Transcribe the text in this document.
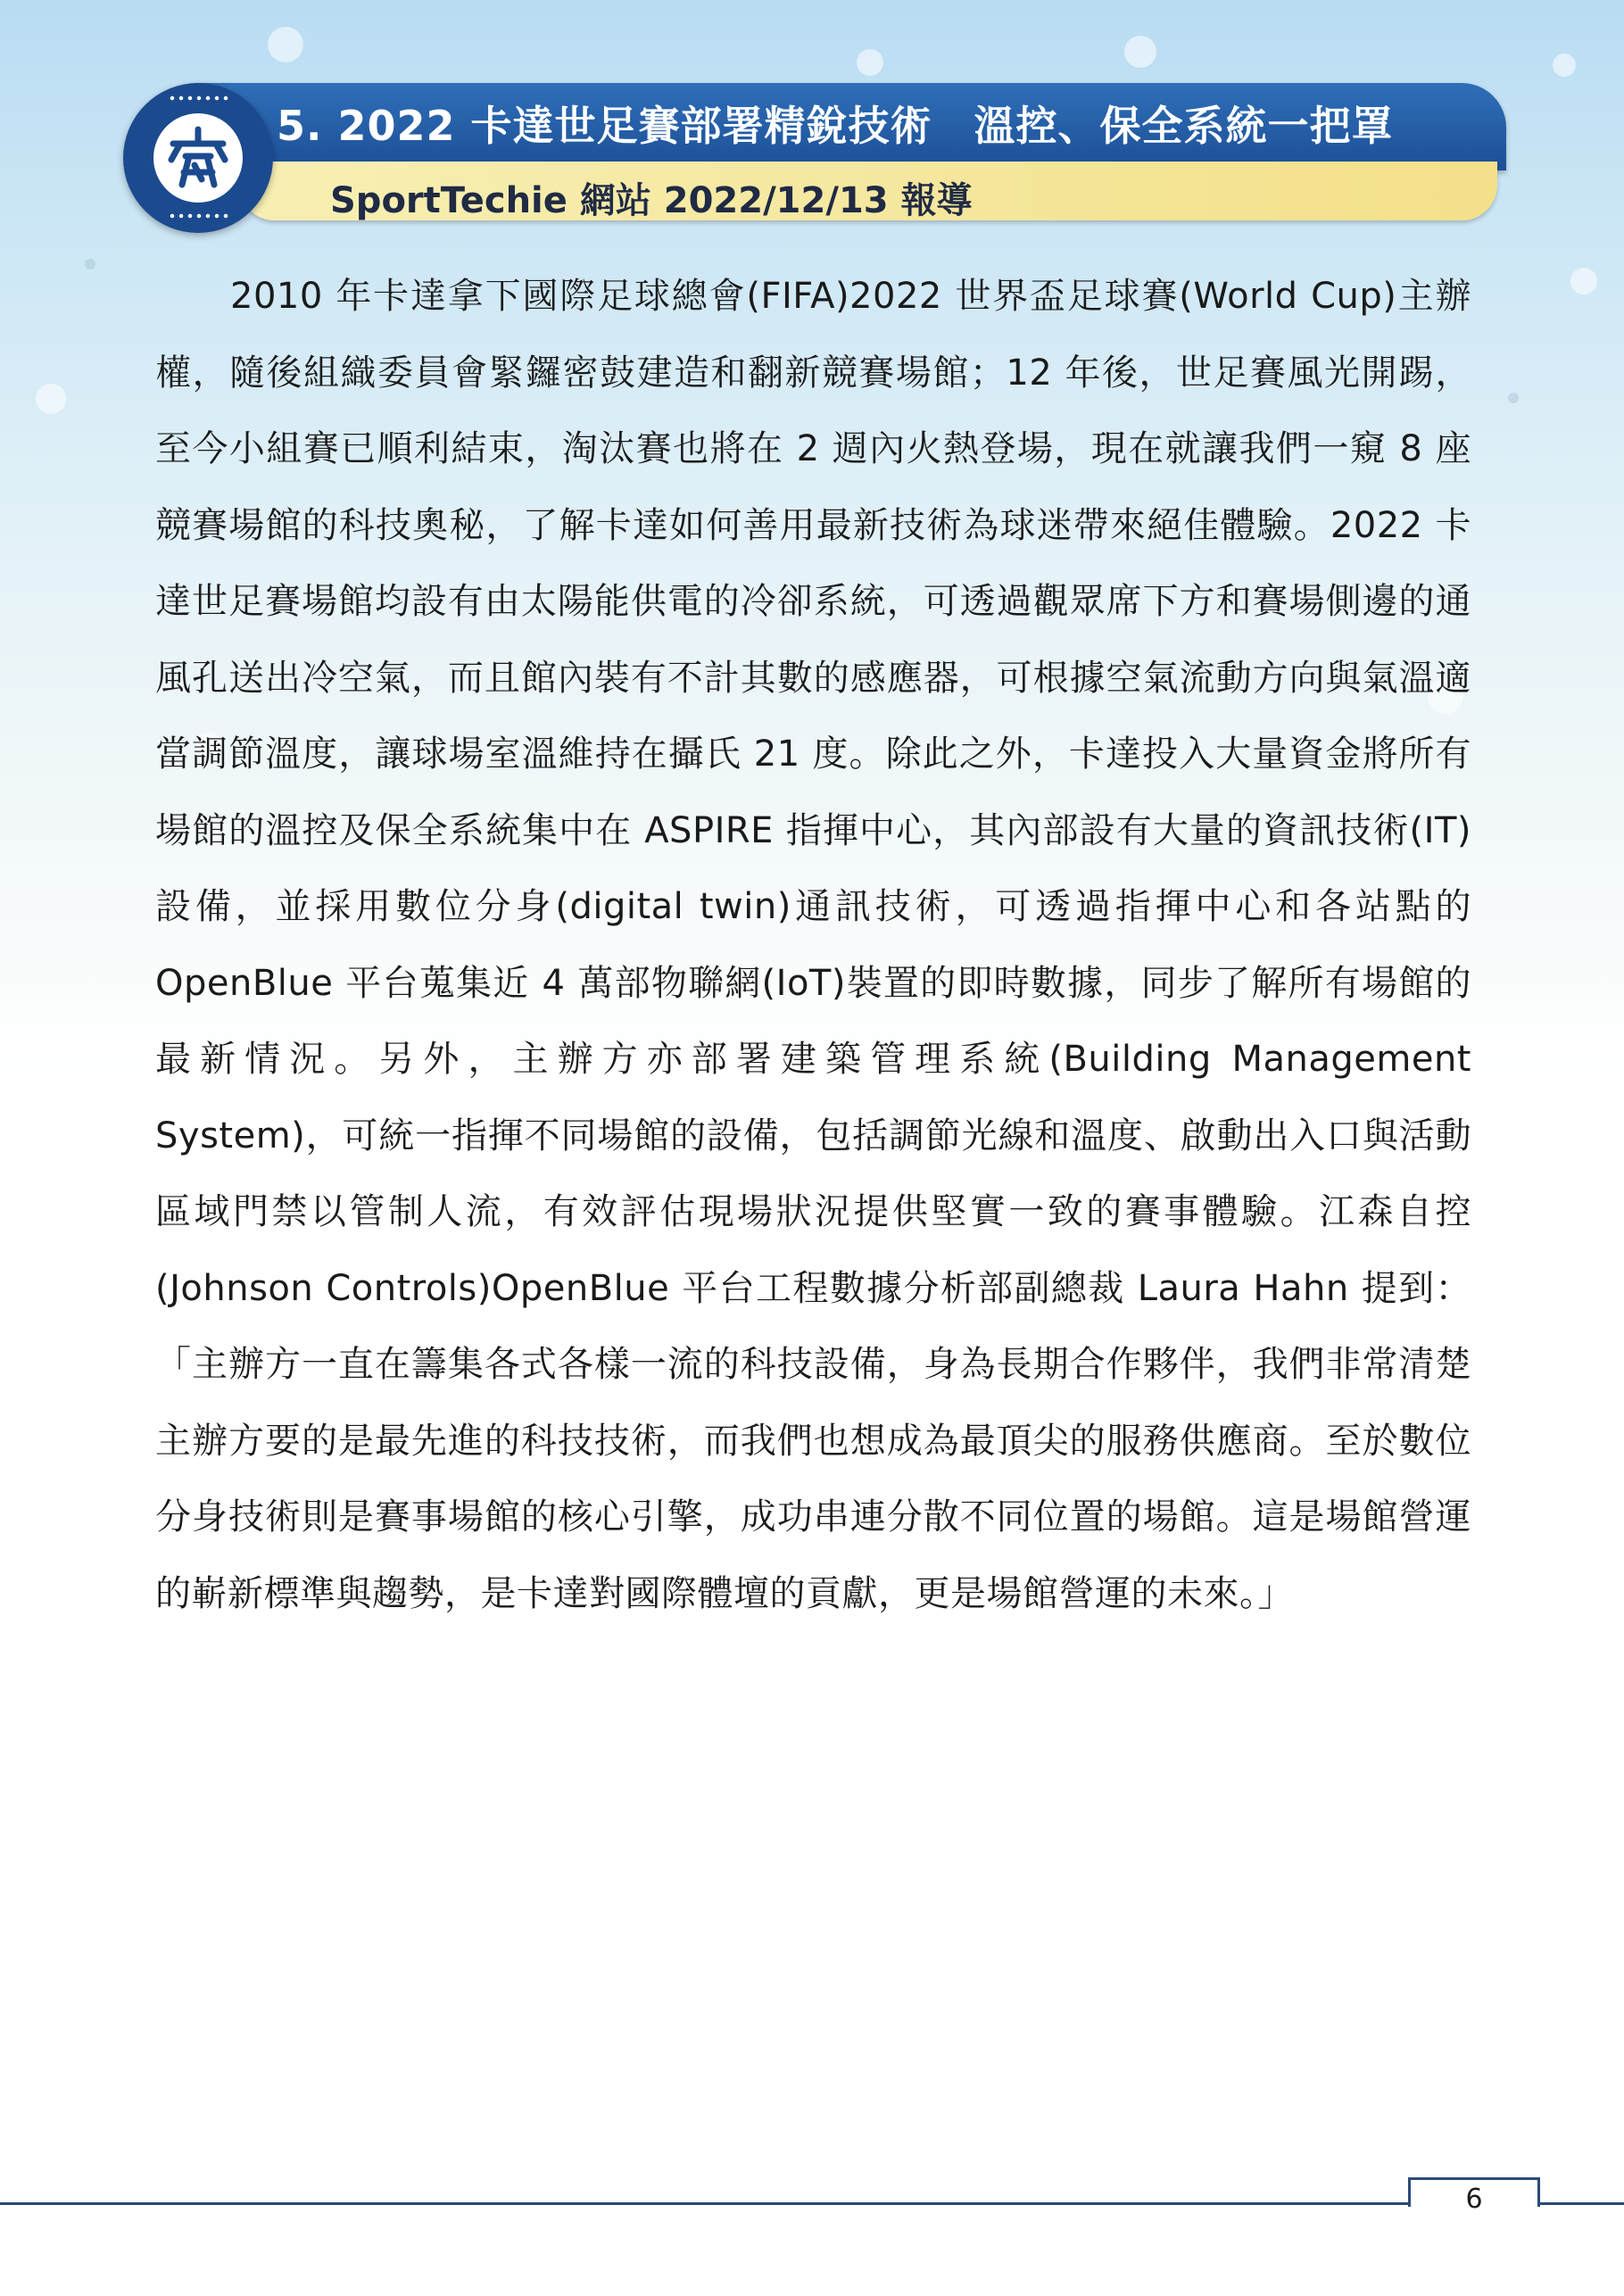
5. 2022 卡達世足賽部署精銳技術　溫控、保全系統一把罩
SportTechie 網站 2022/12/13 報導

2010 年卡達拿下國際足球總會(FIFA)2022 世界盃足球賽(World Cup)主辦權，隨後組織委員會緊鑼密鼓建造和翻新競賽場館；12 年後，世足賽風光開踢，至今小組賽已順利結束，淘汰賽也將在 2 週內火熱登場，現在就讓我們一窺 8 座競賽場館的科技奧秘，了解卡達如何善用最新技術為球迷帶來絕佳體驗。2022 卡達世足賽場館均設有由太陽能供電的冷卻系統，可透過觀眾席下方和賽場側邊的通風孔送出冷空氣，而且館內裝有不計其數的感應器，可根據空氣流動方向與氣溫適當調節溫度，讓球場室溫維持在攝氏 21 度。除此之外，卡達投入大量資金將所有場館的溫控及保全系統集中在 ASPIRE 指揮中心，其內部設有大量的資訊技術(IT)設備，並採用數位分身(digital twin)通訊技術，可透過指揮中心和各站點的 OpenBlue 平台蒐集近 4 萬部物聯網(IoT)裝置的即時數據，同步了解所有場館的最新情況。另外，主辦方亦部署建築管理系統(Building Management System)，可統一指揮不同場館的設備，包括調節光線和溫度、啟動出入口與活動區域門禁以管制人流，有效評估現場狀況提供堅實一致的賽事體驗。江森自控(Johnson Controls)OpenBlue 平台工程數據分析部副總裁 Laura Hahn 提到：「主辦方一直在籌集各式各樣一流的科技設備，身為長期合作夥伴，我們非常清楚主辦方要的是最先進的科技技術，而我們也想成為最頂尖的服務供應商。至於數位分身技術則是賽事場館的核心引擎，成功串連分散不同位置的場館。這是場館營運的嶄新標準與趨勢，是卡達對國際體壇的貢獻，更是場館營運的未來。」

6
